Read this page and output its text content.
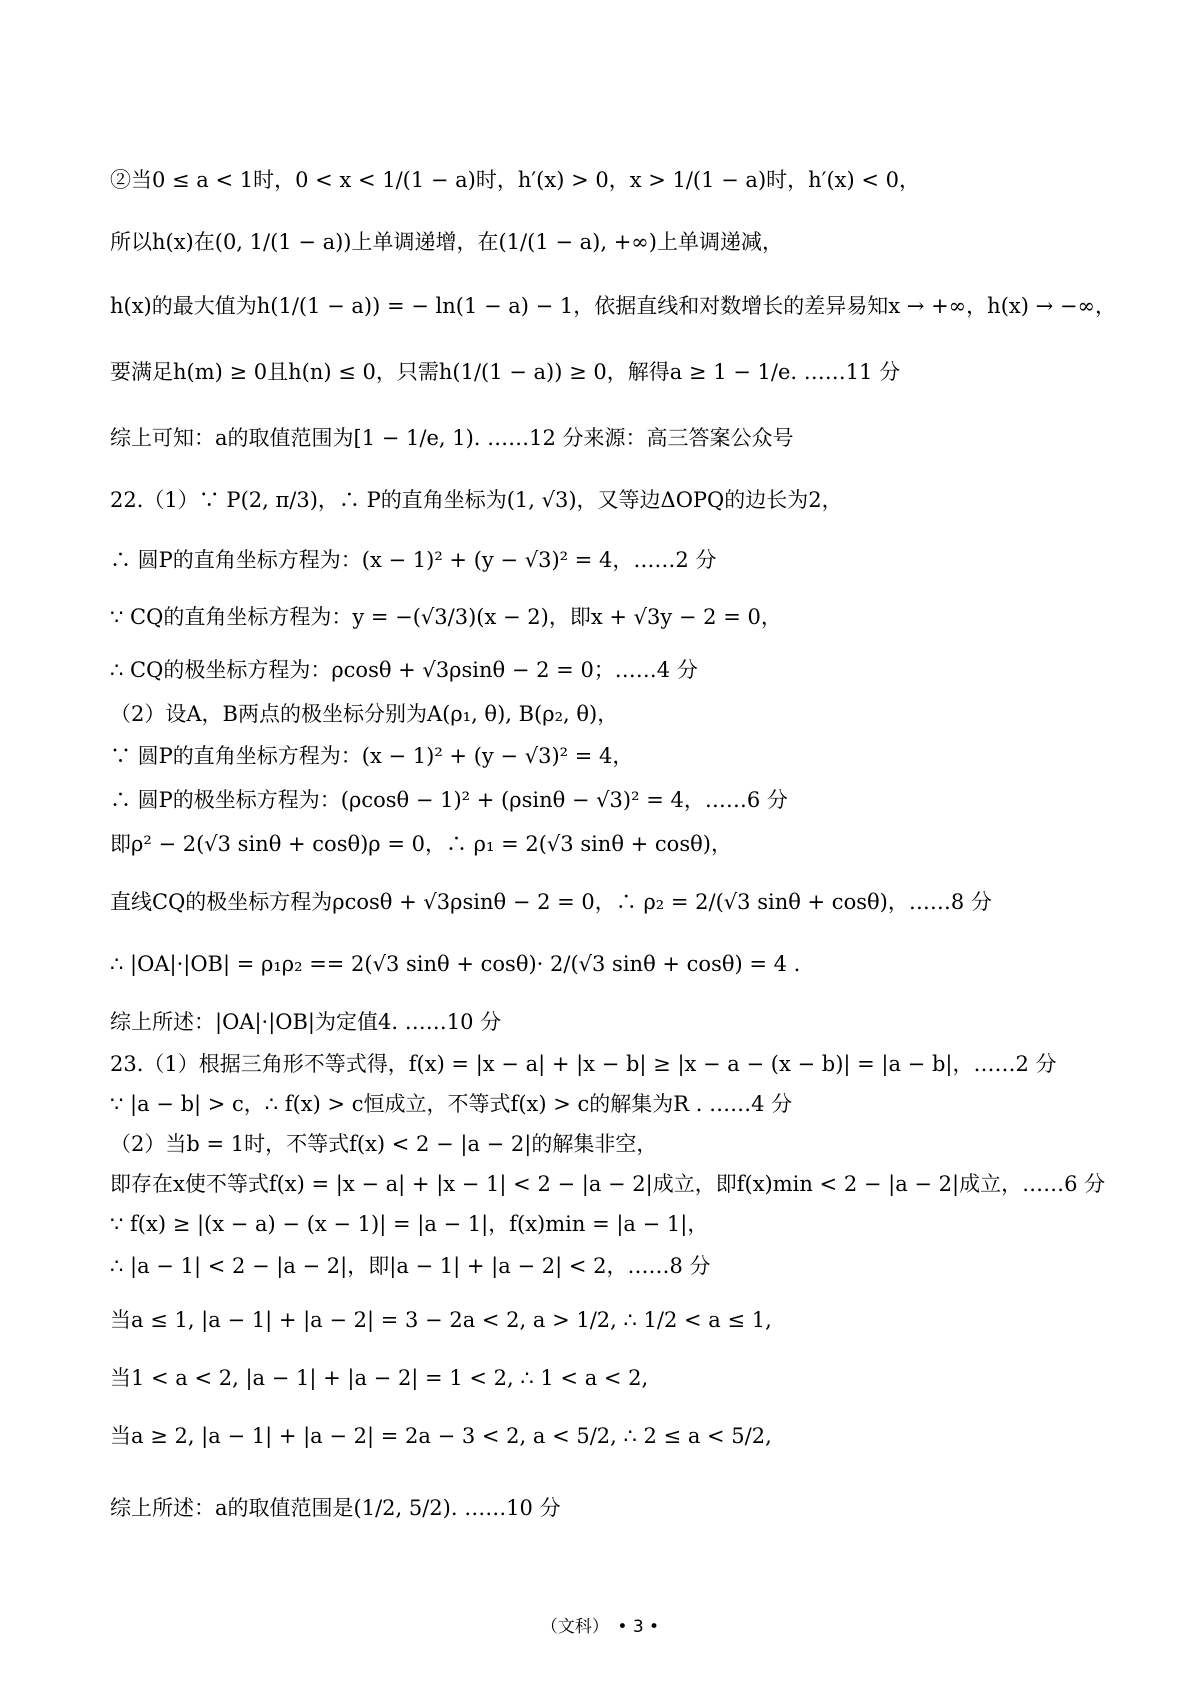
②当0 ≤ a < 1时，0 < x < 1/(1 − a)时，h′(x) > 0，x > 1/(1 − a)时，h′(x) < 0，
所以h(x)在(0, 1/(1 − a))上单调递增，在(1/(1 − a), +∞)上单调递减，
h(x)的最大值为h(1/(1 − a)) = − ln(1 − a) − 1，依据直线和对数增长的差异易知x → +∞，h(x) → −∞，
要满足h(m) ≥ 0且h(n) ≤ 0，只需h(1/(1 − a)) ≥ 0，解得a ≥ 1 − 1/e. ……11 分
综上可知：a的取值范围为[1 − 1/e, 1). ……12 分来源：高三答案公众号
22.（1）∵ P(2, π/3)，∴ P的直角坐标为(1, √3)，又等边ΔOPQ的边长为2，
∴ 圆P的直角坐标方程为：(x − 1)² + (y − √3)² = 4，……2 分
∵ CQ的直角坐标方程为：y = −(√3/3)(x − 2)，即x + √3y − 2 = 0，
∴ CQ的极坐标方程为：ρcosθ + √3ρsinθ − 2 = 0；……4 分
（2）设A，B两点的极坐标分别为A(ρ₁, θ), B(ρ₂, θ)，
∵ 圆P的直角坐标方程为：(x − 1)² + (y − √3)² = 4，
∴ 圆P的极坐标方程为：(ρcosθ − 1)² + (ρsinθ − √3)² = 4，……6 分
即ρ² − 2(√3 sinθ + cosθ)ρ = 0，∴ ρ₁ = 2(√3 sinθ + cosθ)，
直线CQ的极坐标方程为ρcosθ + √3ρsinθ − 2 = 0，∴ ρ₂ = 2/(√3 sinθ + cosθ)，……8 分
∴ |OA|·|OB| = ρ₁ρ₂ == 2(√3 sinθ + cosθ)· 2/(√3 sinθ + cosθ) = 4 .
综上所述：|OA|·|OB|为定值4. ……10 分
23.（1）根据三角形不等式得，f(x) = |x − a| + |x − b| ≥ |x − a − (x − b)| = |a − b|，……2 分
∵ |a − b| > c，∴ f(x) > c恒成立，不等式f(x) > c的解集为R . ……4 分
（2）当b = 1时，不等式f(x) < 2 − |a − 2|的解集非空，
即存在x使不等式f(x) = |x − a| + |x − 1| < 2 − |a − 2|成立，即f(x)min < 2 − |a − 2|成立，……6 分
∵ f(x) ≥ |(x − a) − (x − 1)| = |a − 1|，f(x)min = |a − 1|，
∴ |a − 1| < 2 − |a − 2|，即|a − 1| + |a − 2| < 2，……8 分
当a ≤ 1, |a − 1| + |a − 2| = 3 − 2a < 2, a > 1/2, ∴ 1/2 < a ≤ 1,
当1 < a < 2, |a − 1| + |a − 2| = 1 < 2, ∴ 1 < a < 2,
当a ≥ 2, |a − 1| + |a − 2| = 2a − 3 < 2, a < 5/2, ∴ 2 ≤ a < 5/2,
综上所述：a的取值范围是(1/2, 5/2). ……10 分
（文科）　• 3 •
